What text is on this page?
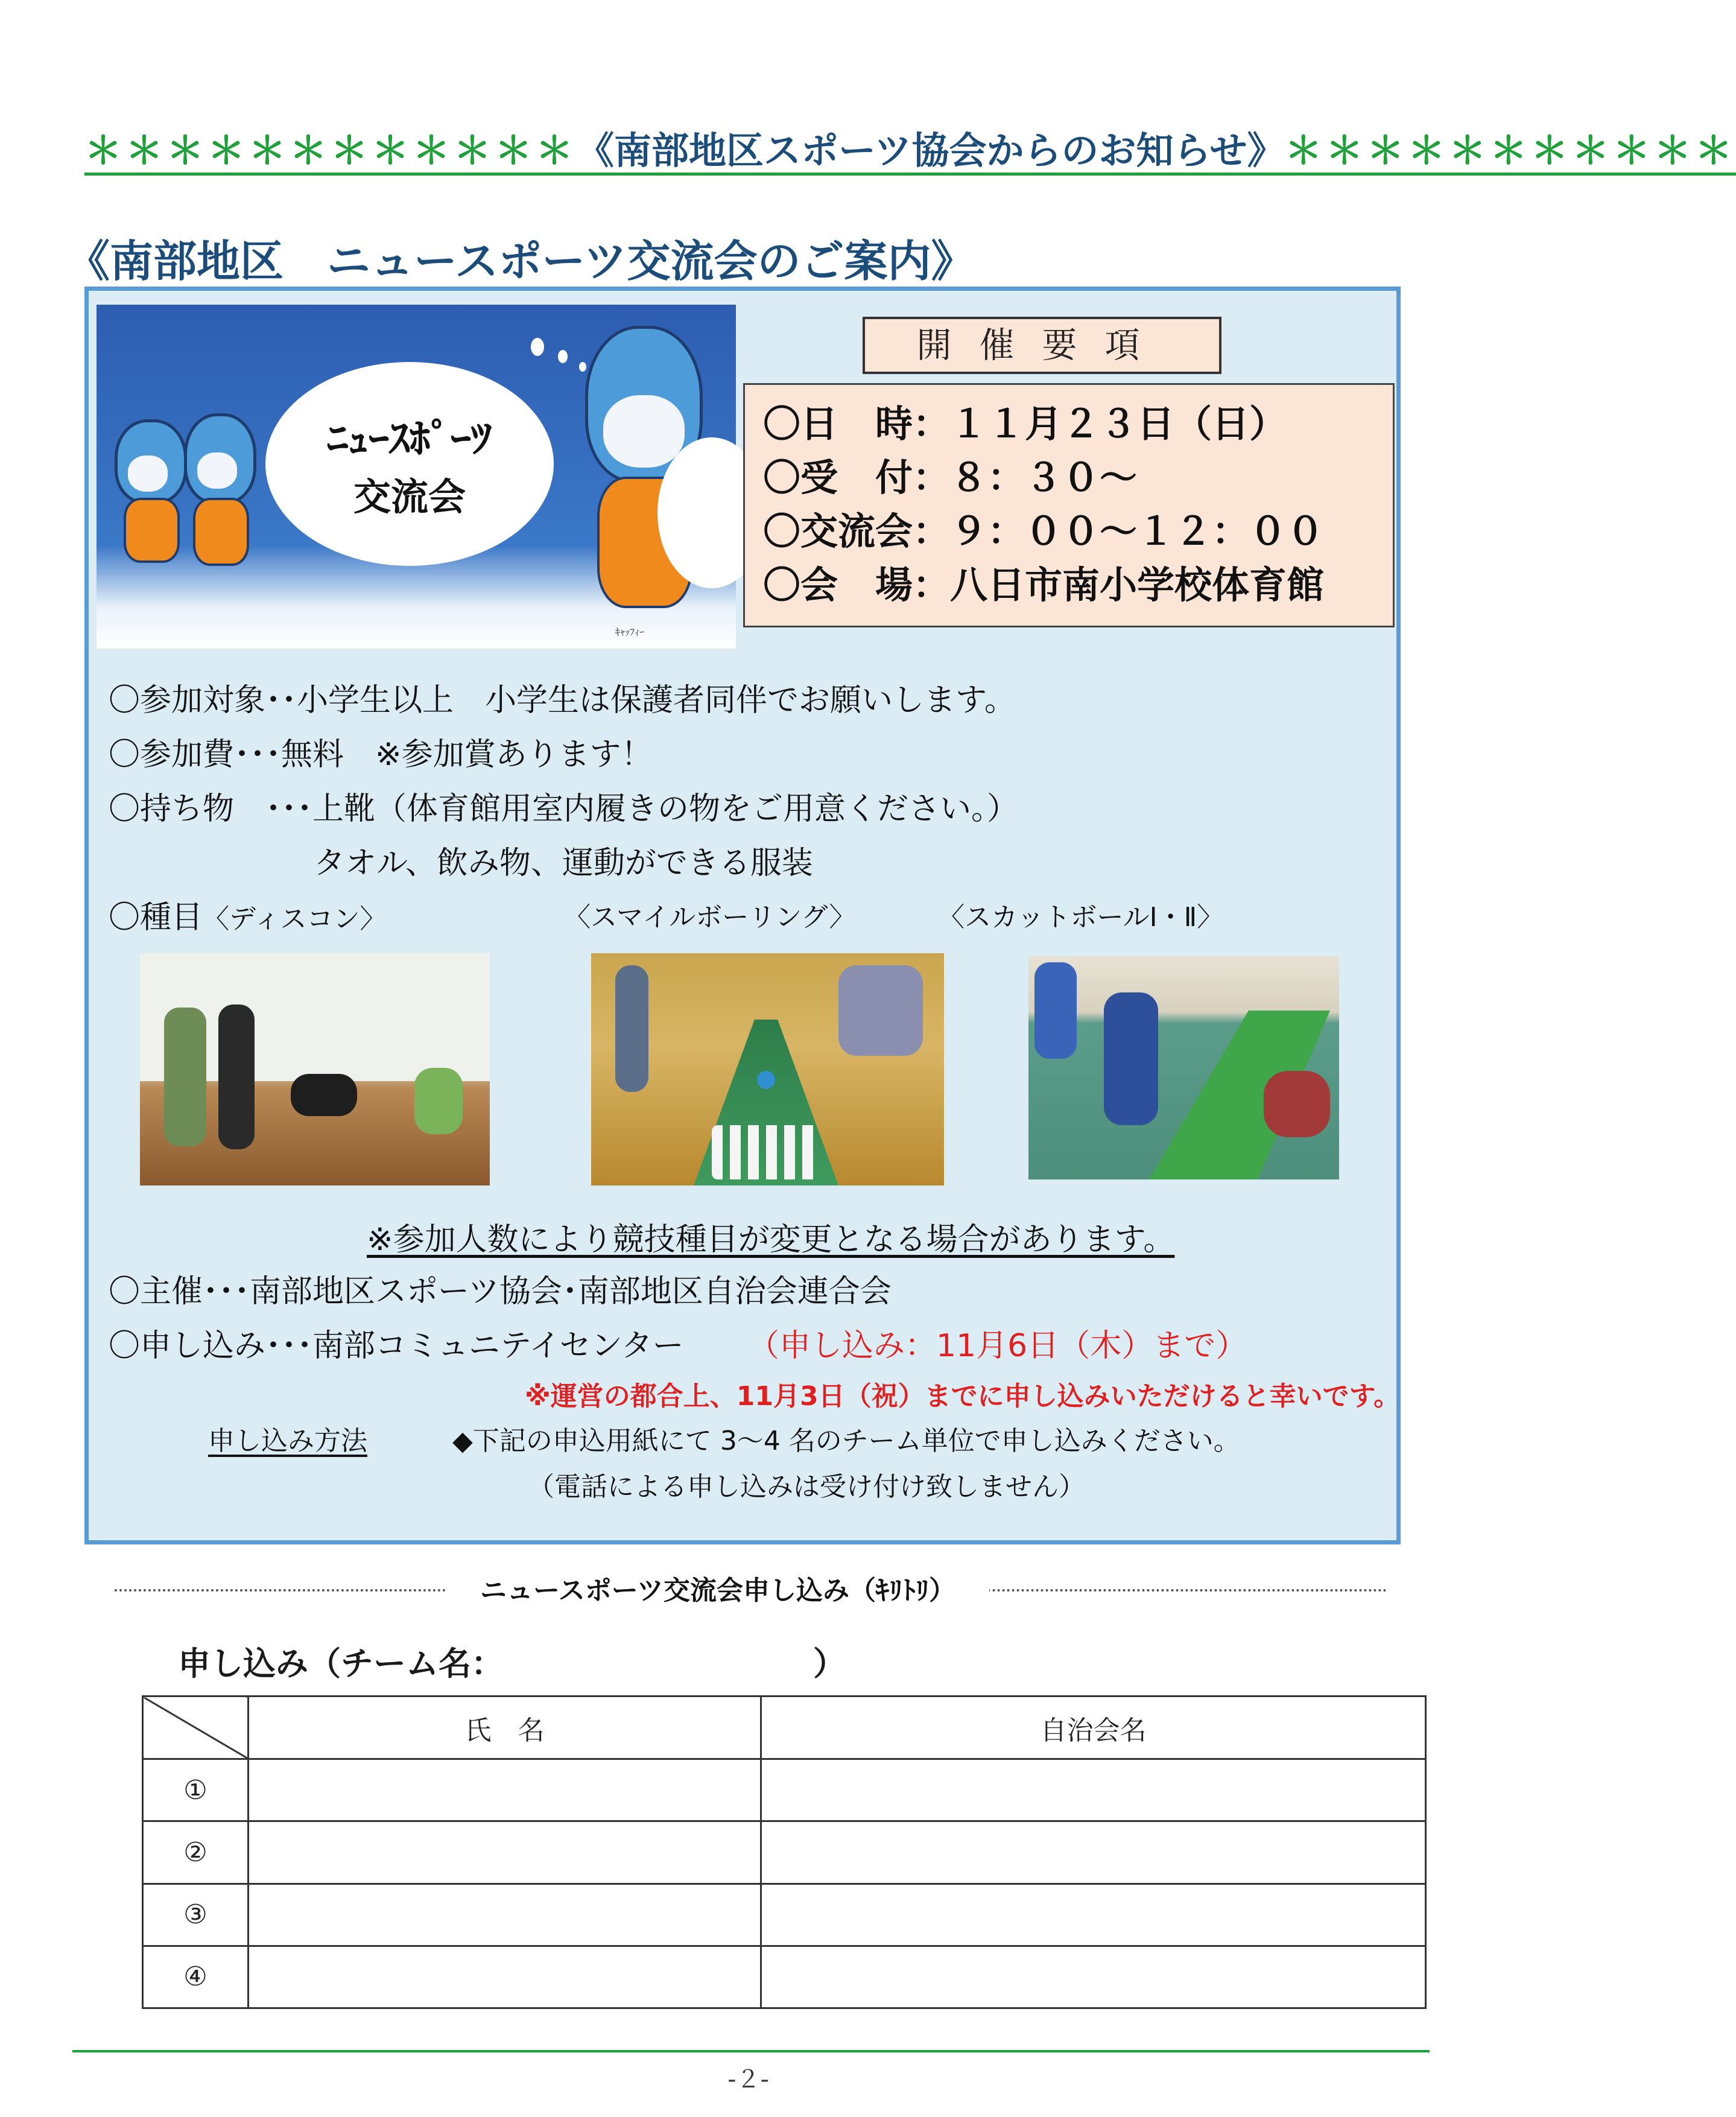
＊＊＊＊＊＊＊＊＊＊＊＊《南部地区スポーツ協会からのお知らせ》＊＊＊＊＊＊＊＊＊＊＊
《南部地区　ニュースポーツ交流会のご案内》
ﾆｭｰｽﾎﾟｰﾂ
交流会
ｷｬｯﾌｨｰ
開催要項
〇日　時：１１月２３日（日）
〇受　付：８：３０～
〇交流会：９：００～１２：００
〇会　場：八日市南小学校体育館
〇参加対象･･小学生以上　小学生は保護者同伴でお願いします。
〇参加費･･･無料　※参加賞あります！
〇持ち物　･･･上靴（体育館用室内履きの物をご用意ください。）
タオル、飲み物、運動ができる服装
〇種目〈ディスコン〉	〈スマイルボーリング〉	〈スカットボールⅠ・Ⅱ〉
※参加人数により競技種目が変更となる場合があります。
〇主催･･･南部地区スポーツ協会･南部地区自治会連合会
〇申し込み･･･南部コミュニテイセンター （申し込み：11月6日（木）まで）
※運営の都合上、11月3日（祝）までに申し込みいただけると幸いです。
申し込み方法	◆下記の申込用紙にて 3～4 名のチーム単位で申し込みください。
（電話による申し込みは受け付け致しません）
ニュースポーツ交流会申し込み（ｷﾘﾄﾘ）
申し込み（チーム名：　　　　　　　　　　）
	氏　名	自治会名
①		
②		
③		
④		
-２-
